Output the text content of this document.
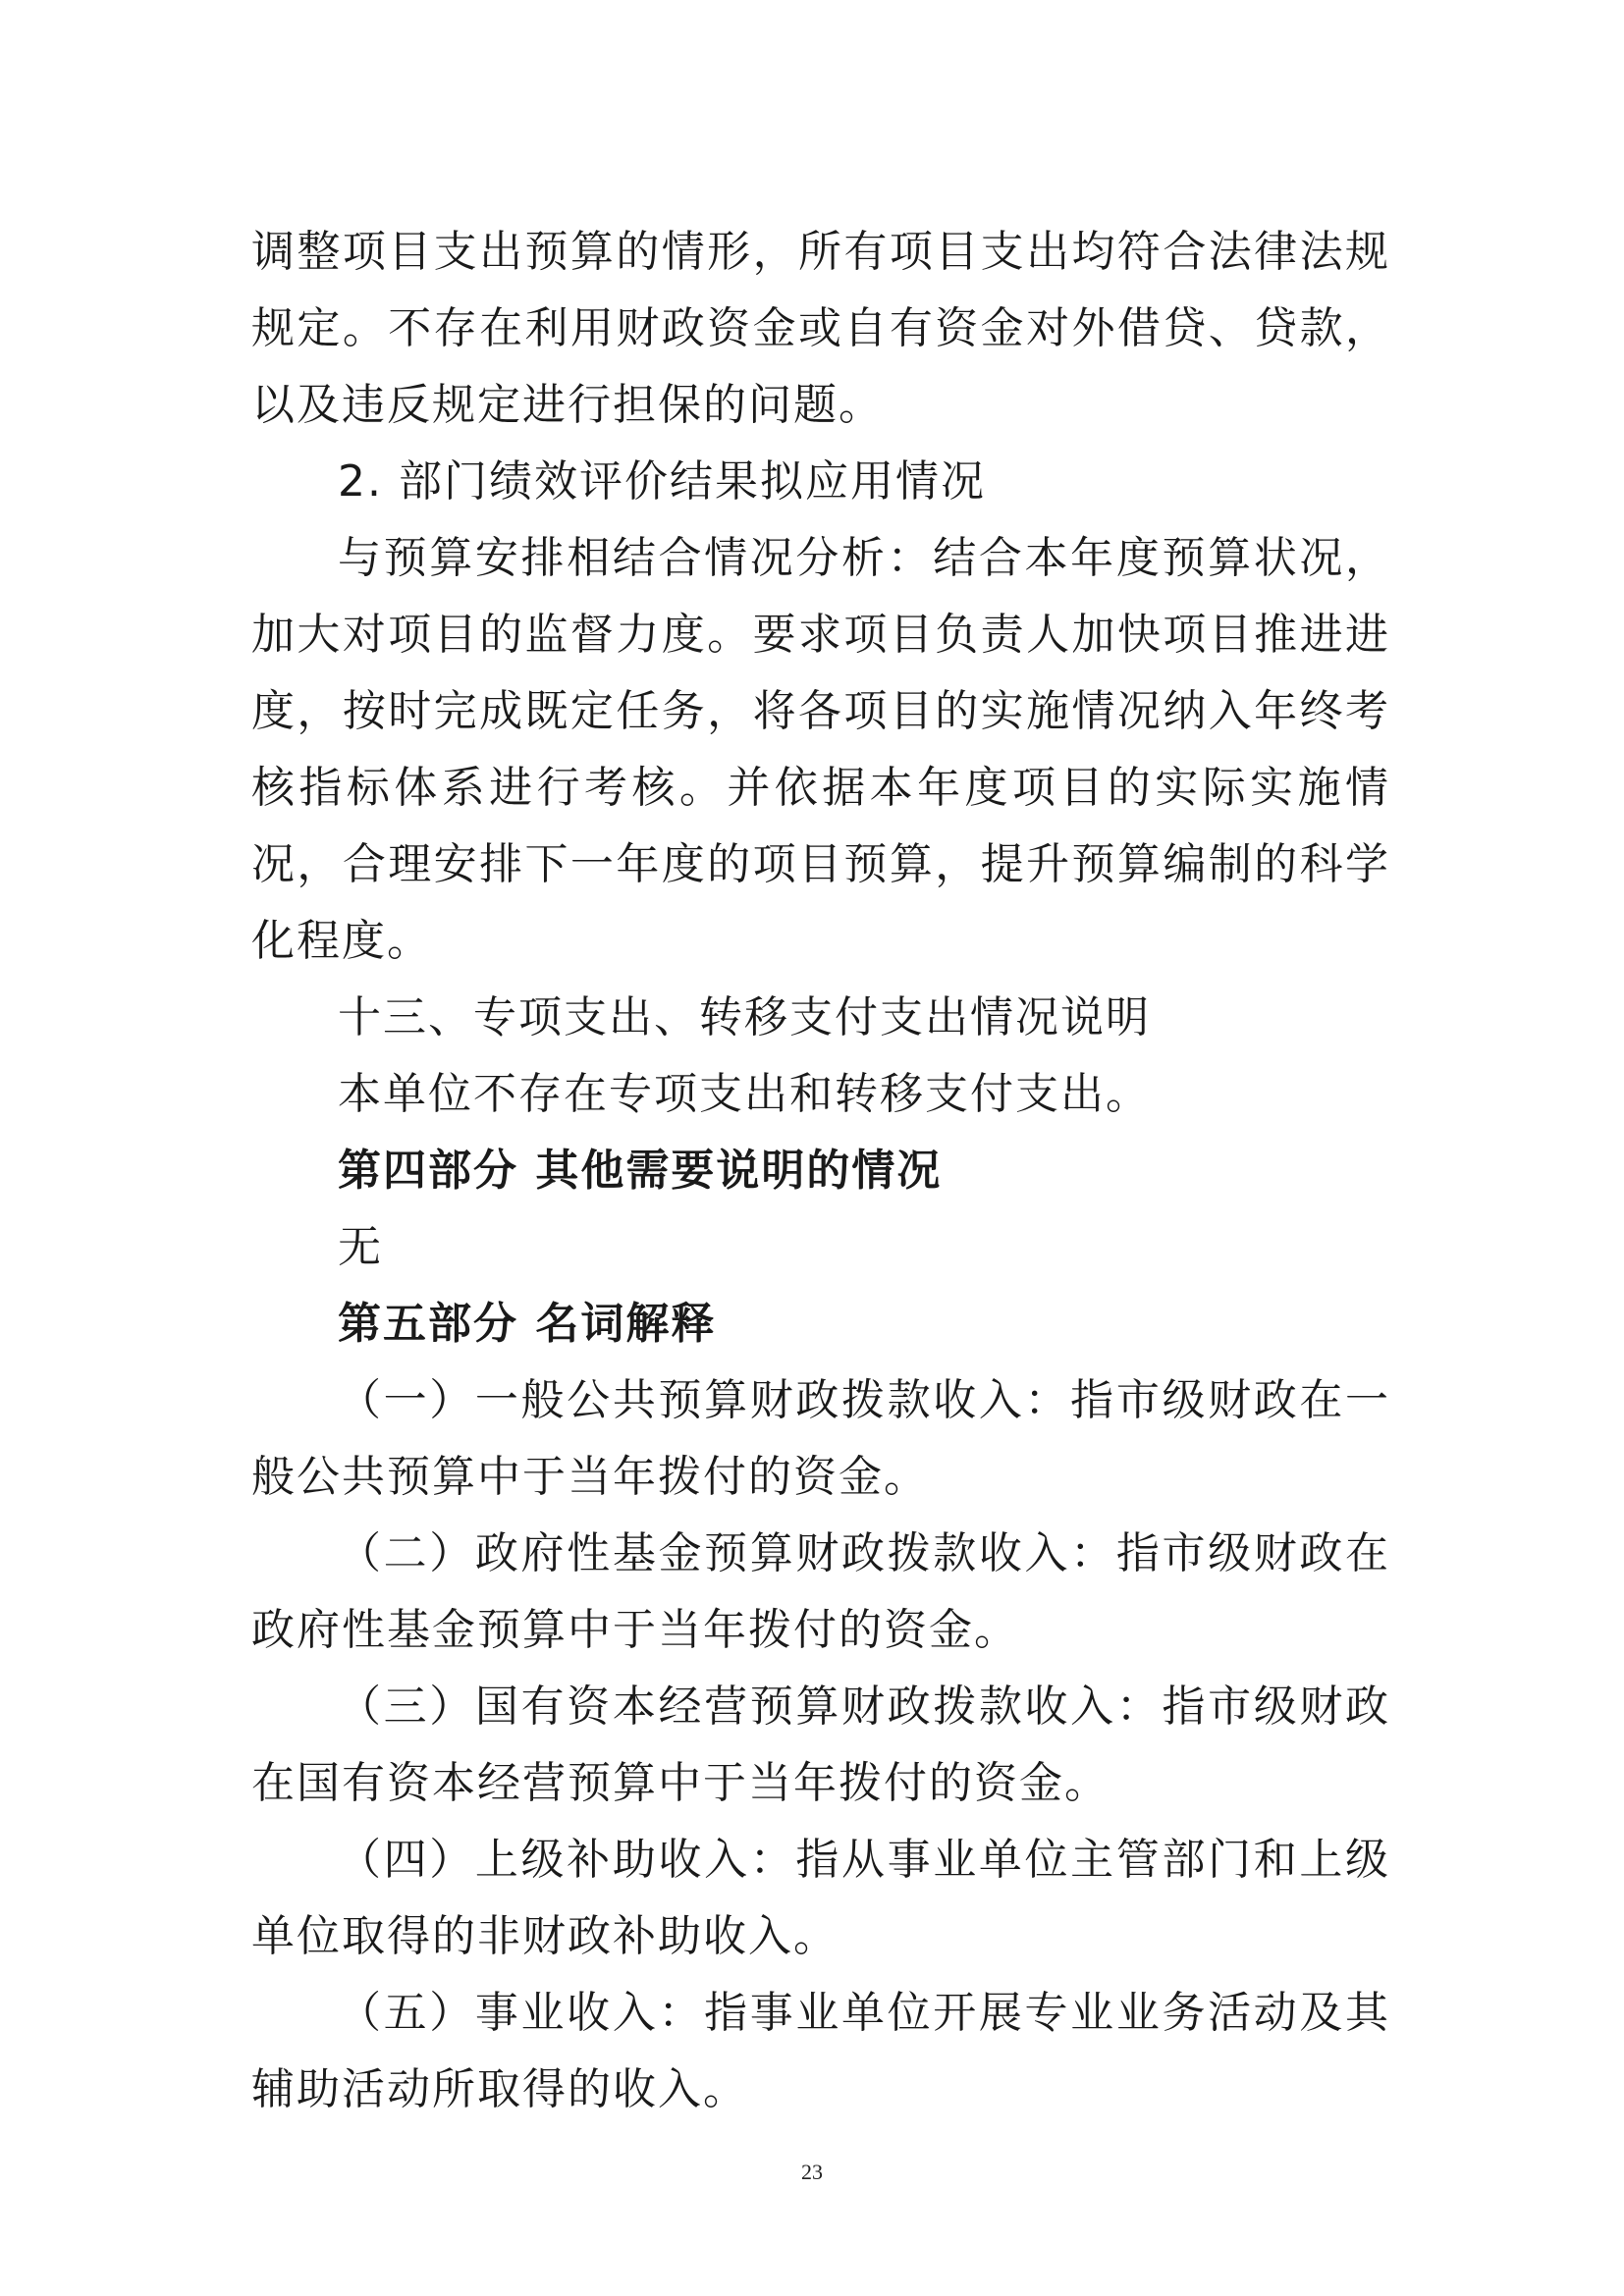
调整项目支出预算的情形，所有项目支出均符合法律法规规定。不存在利用财政资金或自有资金对外借贷、贷款，以及违反规定进行担保的问题。

2. 部门绩效评价结果拟应用情况

与预算安排相结合情况分析：结合本年度预算状况，加大对项目的监督力度。要求项目负责人加快项目推进进度，按时完成既定任务，将各项目的实施情况纳入年终考核指标体系进行考核。并依据本年度项目的实际实施情况，合理安排下一年度的项目预算，提升预算编制的科学化程度。

十三、专项支出、转移支付支出情况说明

本单位不存在专项支出和转移支付支出。

第四部分 其他需要说明的情况

无

第五部分 名词解释

（一）一般公共预算财政拨款收入：指市级财政在一般公共预算中于当年拨付的资金。

（二）政府性基金预算财政拨款收入：指市级财政在政府性基金预算中于当年拨付的资金。

（三）国有资本经营预算财政拨款收入：指市级财政在国有资本经营预算中于当年拨付的资金。

（四）上级补助收入：指从事业单位主管部门和上级单位取得的非财政补助收入。

（五）事业收入：指事业单位开展专业业务活动及其辅助活动所取得的收入。

23
